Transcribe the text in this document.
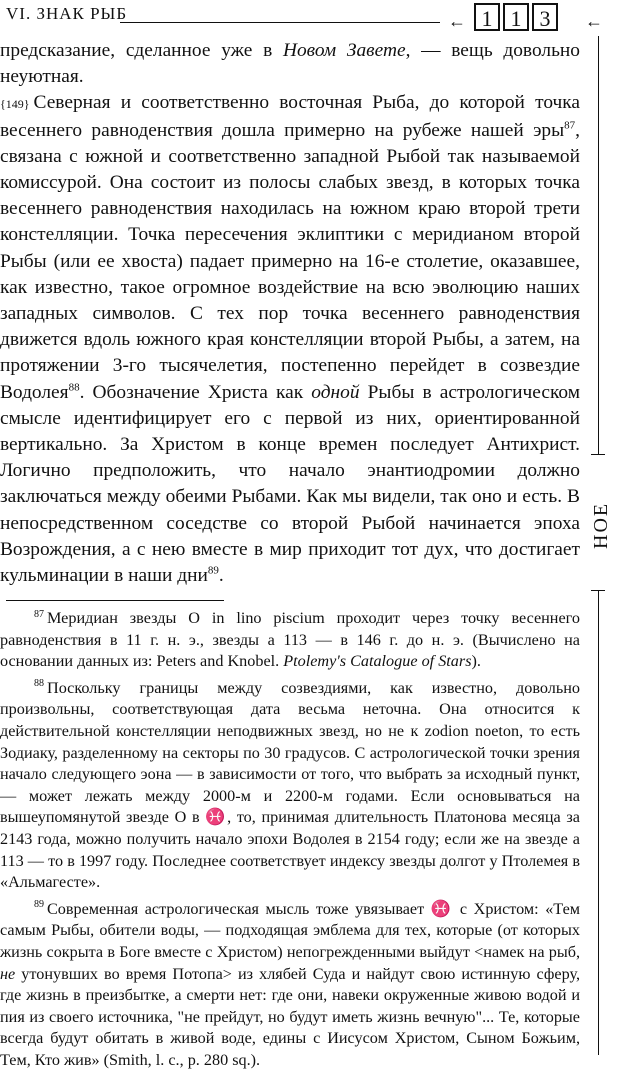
VI. ЗНАК РЫБ	← 1 1 3	←
НОЕ

предсказание, сделанное уже в Новом Завете, — вещь довольно неуютная.

{149} Северная и соответственно восточная Рыба, до которой точка весеннего равноденствия дошла примерно на рубеже нашей эры$^{87}$, связана с южной и соответственно западной Рыбой так называемой комиссурой. Она состоит из полосы слабых звезд, в которых точка весеннего равноденствия находилась на южном краю второй трети констелляции. Точка пересечения эклиптики с меридианом второй Рыбы (или ее хвоста) падает примерно на 16-е столетие, оказавшее, как известно, такое огромное воздействие на всю эволюцию наших западных символов. С тех пор точка весеннего равноденствия движется вдоль южного края констелляции второй Рыбы, а затем, на протяжении 3-го тысячелетия, постепенно перейдет в созвездие Водолея$^{88}$. Обозначение Христа как одной Рыбы в астрологическом смысле идентифицирует его с первой из них, ориентированной вертикально. За Христом в конце времен последует Антихрист. Логично предположить, что начало энантиодромии должно заключаться между обеими Рыбами. Как мы видели, так оно и есть. В непосредственном соседстве со второй Рыбой начинается эпоха Возрождения, а с нею вместе в мир приходит тот дух, что достигает кульминации в наши дни$^{89}$.

$^{87}$ Меридиан звезды О in lino piscium проходит через точку весеннего равноденствия в 11 г. н. э., звезды а 113 — в 146 г. до н. э. (Вычислено на основании данных из: Peters and Knobel. Ptolemy's Catalogue of Stars).

$^{88}$ Поскольку границы между созвездиями, как известно, довольно произвольны, соответствующая дата весьма неточна. Она относится к действительной констелляции неподвижных звезд, но не к zodion noeton, то есть Зодиаку, разделенному на секторы по 30 градусов. С астрологической точки зрения начало следующего эона — в зависимости от того, что выбрать за исходный пункт, — может лежать между 2000-м и 2200-м годами. Если основываться на вышеупомянутой звезде О в ♓, то, принимая длительность Платонова месяца за 2143 года, можно получить начало эпохи Водолея в 2154 году; если же на звезде а 113 — то в 1997 году. Последнее соответствует индексу звезды долгот у Птолемея в «Альмагесте».

$^{89}$ Современная астрологическая мысль тоже увязывает ♓ с Христом: «Тем самым Рыбы, обители воды, — подходящая эмблема для тех, которые (от которых жизнь сокрыта в Боге вместе с Христом) непогрежденными выйдут <намек на рыб, не утонувших во время Потопа> из хлябей Суда и найдут свою истинную сферу, где жизнь в преизбытке, а смерти нет: где они, навеки окруженные живою водой и пия из своего источника, "не прейдут, но будут иметь жизнь вечную"... Те, которые всегда будут обитать в живой воде, едины с Иисусом Христом, Сыном Божьим, Тем, Кто жив» (Smith, l. c., p. 280 sq.).
